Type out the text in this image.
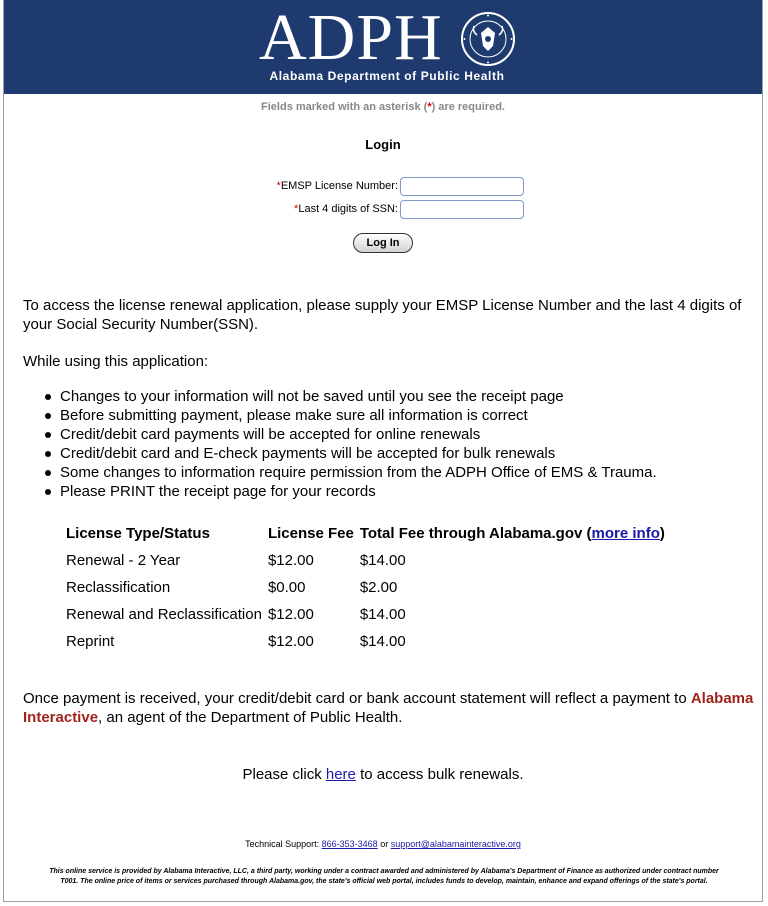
ADPH
Alabama Department of Public Health
Fields marked with an asterisk (*) are required.
Login
*EMSP License Number:
*Last 4 digits of SSN:
Log In
To access the license renewal application, please supply your EMSP License Number and the last 4 digits of your Social Security Number(SSN).
While using this application:
Changes to your information will not be saved until you see the receipt page
Before submitting payment, please make sure all information is correct
Credit/debit card payments will be accepted for online renewals
Credit/debit card and E-check payments will be accepted for bulk renewals
Some changes to information require permission from the ADPH Office of EMS & Trauma.
Please PRINT the receipt page for your records
License Type/Status	License Fee	Total Fee through Alabama.gov (more info)
Renewal - 2 Year	$12.00	$14.00
Reclassification	$0.00	$2.00
Renewal and Reclassification	$12.00	$14.00
Reprint	$12.00	$14.00
Once payment is received, your credit/debit card or bank account statement will reflect a payment to Alabama Interactive, an agent of the Department of Public Health.
Please click here to access bulk renewals.
Technical Support: 866-353-3468 or support@alabamainteractive.org
This online service is provided by Alabama Interactive, LLC, a third party, working under a contract awarded and administered by Alabama's Department of Finance as authorized under contract number T001. The online price of items or services purchased through Alabama.gov, the state's official web portal, includes funds to develop, maintain, enhance and expand offerings of the state's portal.
